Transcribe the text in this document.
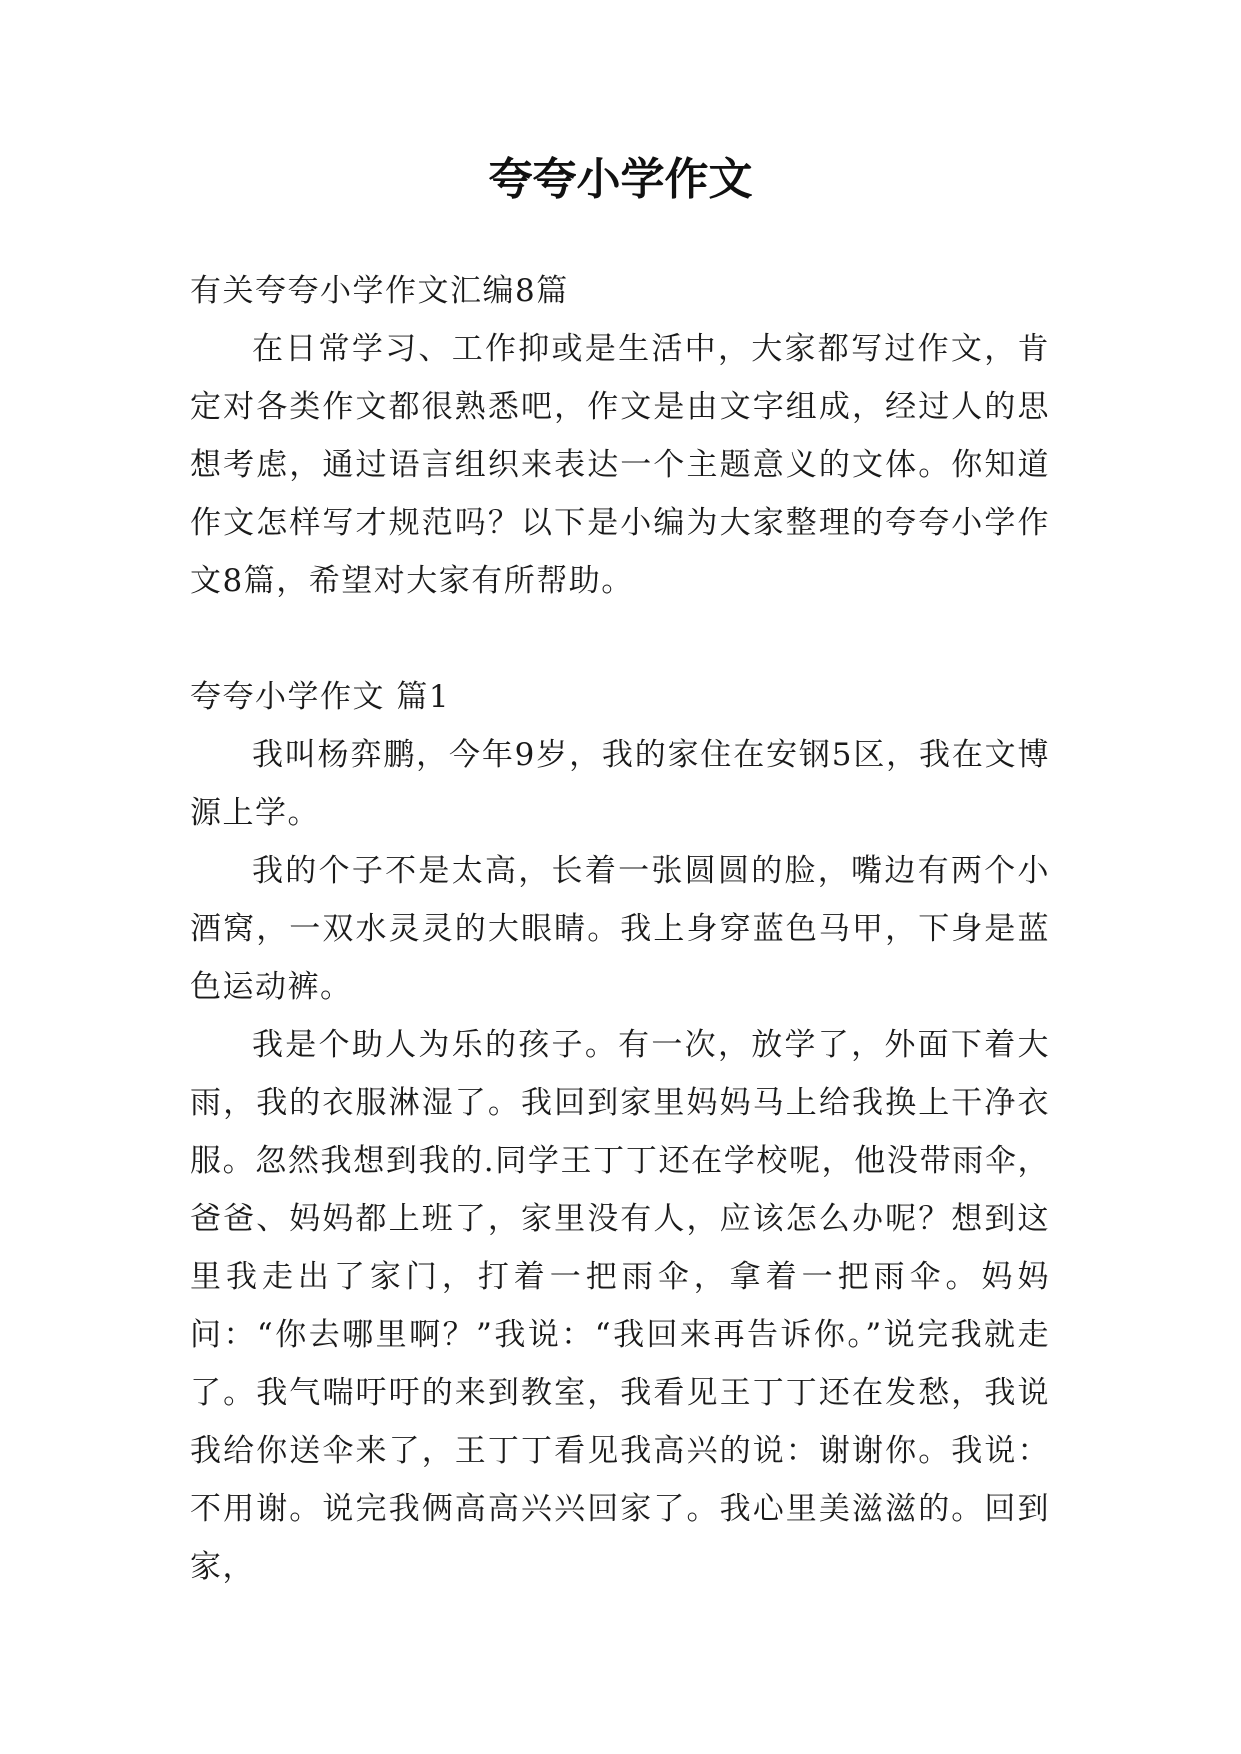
夸夸小学作文

有关夸夸小学作文汇编8篇

在日常学习、工作抑或是生活中，大家都写过作文，肯定对各类作文都很熟悉吧，作文是由文字组成，经过人的思想考虑，通过语言组织来表达一个主题意义的文体。你知道作文怎样写才规范吗？以下是小编为大家整理的夸夸小学作文8篇，希望对大家有所帮助。

夸夸小学作文 篇1

我叫杨弈鹏，今年9岁，我的家住在安钢5区，我在文博源上学。

我的个子不是太高，长着一张圆圆的脸，嘴边有两个小酒窝，一双水灵灵的大眼睛。我上身穿蓝色马甲，下身是蓝色运动裤。

我是个助人为乐的孩子。有一次，放学了，外面下着大雨，我的衣服淋湿了。我回到家里妈妈马上给我换上干净衣服。忽然我想到我的.同学王丁丁还在学校呢，他没带雨伞，爸爸、妈妈都上班了，家里没有人，应该怎么办呢？想到这里我走出了家门，打着一把雨伞，拿着一把雨伞。妈妈问：“你去哪里啊？”我说：“我回来再告诉你。”说完我就走了。我气喘吁吁的来到教室，我看见王丁丁还在发愁，我说我给你送伞来了，王丁丁看见我高兴的说：谢谢你。我说：不用谢。说完我俩高高兴兴回家了。我心里美滋滋的。回到家，
